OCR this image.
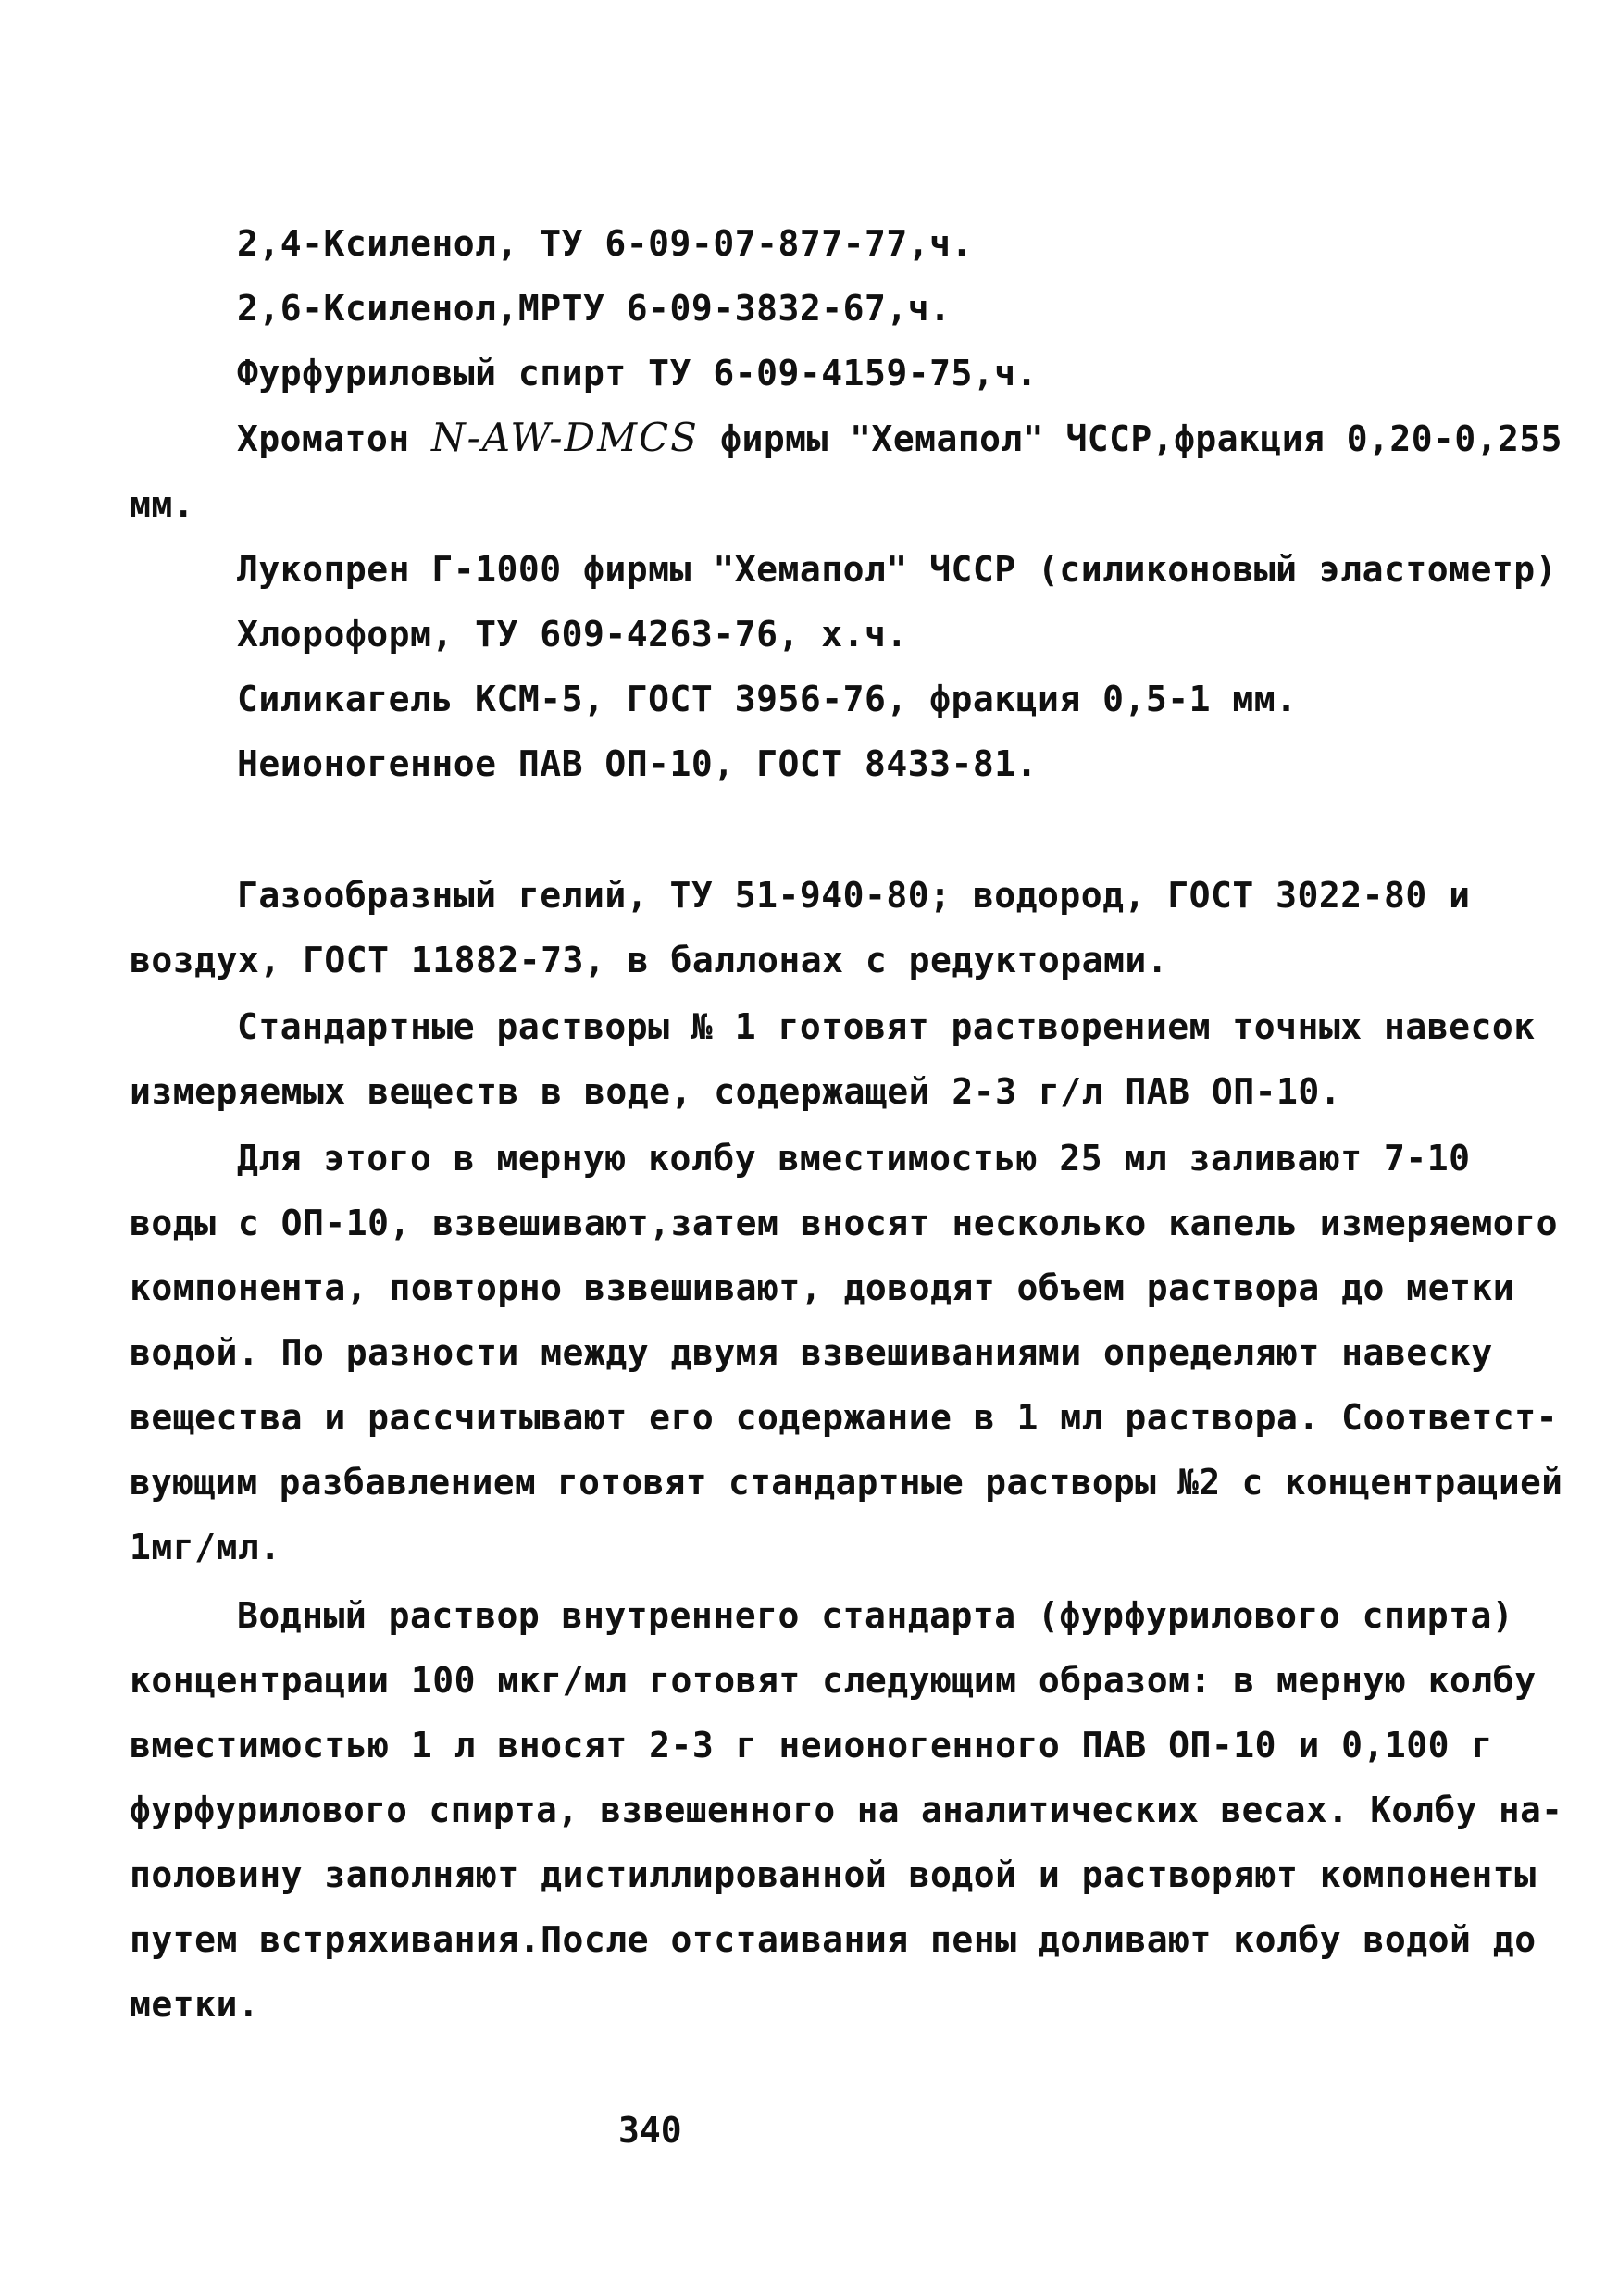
2,4-Ксиленол, ТУ 6-09-07-877-77,ч.
2,6-Ксиленол,МРТУ 6-09-3832-67,ч.
Фурфуриловый спирт ТУ 6-09-4159-75,ч.
Хроматон N-AW-DMCS фирмы "Хемапол" ЧССР,фракция 0,20-0,255
мм.
Лукопрен Г-1000 фирмы "Хемапол" ЧССР (силиконовый эластометр)
Хлороформ, ТУ 609-4263-76, х.ч.
Силикагель КСМ-5, ГОСТ 3956-76, фракция 0,5-1 мм.
Неионогенное ПАВ ОП-10, ГОСТ 8433-81.
Газообразный гелий, ТУ 51-940-80; водород, ГОСТ 3022-80 и
воздух, ГОСТ 11882-73, в баллонах с редукторами.
Стандартные растворы № 1 готовят растворением точных навесок
измеряемых веществ в воде, содержащей 2-3 г/л ПАВ ОП-10.
Для этого в мерную колбу вместимостью 25 мл заливают 7-10
воды с ОП-10, взвешивают,затем вносят несколько капель измеряемого
компонента, повторно взвешивают, доводят объем раствора до метки
водой. По разности между двумя взвешиваниями определяют навеску
вещества и рассчитывают его содержание в 1 мл раствора. Соответст-
вующим разбавлением готовят стандартные растворы №2 с концентрацией
1мг/мл.
Водный раствор внутреннего стандарта (фурфурилового спирта)
концентрации 100 мкг/мл готовят следующим образом: в мерную колбу
вместимостью 1 л вносят 2-3 г неионогенного ПАВ ОП-10 и 0,100 г
фурфурилового спирта, взвешенного на аналитических весах. Колбу на-
половину заполняют дистиллированной водой и растворяют компоненты
путем встряхивания.После отстаивания пены доливают колбу водой до
метки.
340
